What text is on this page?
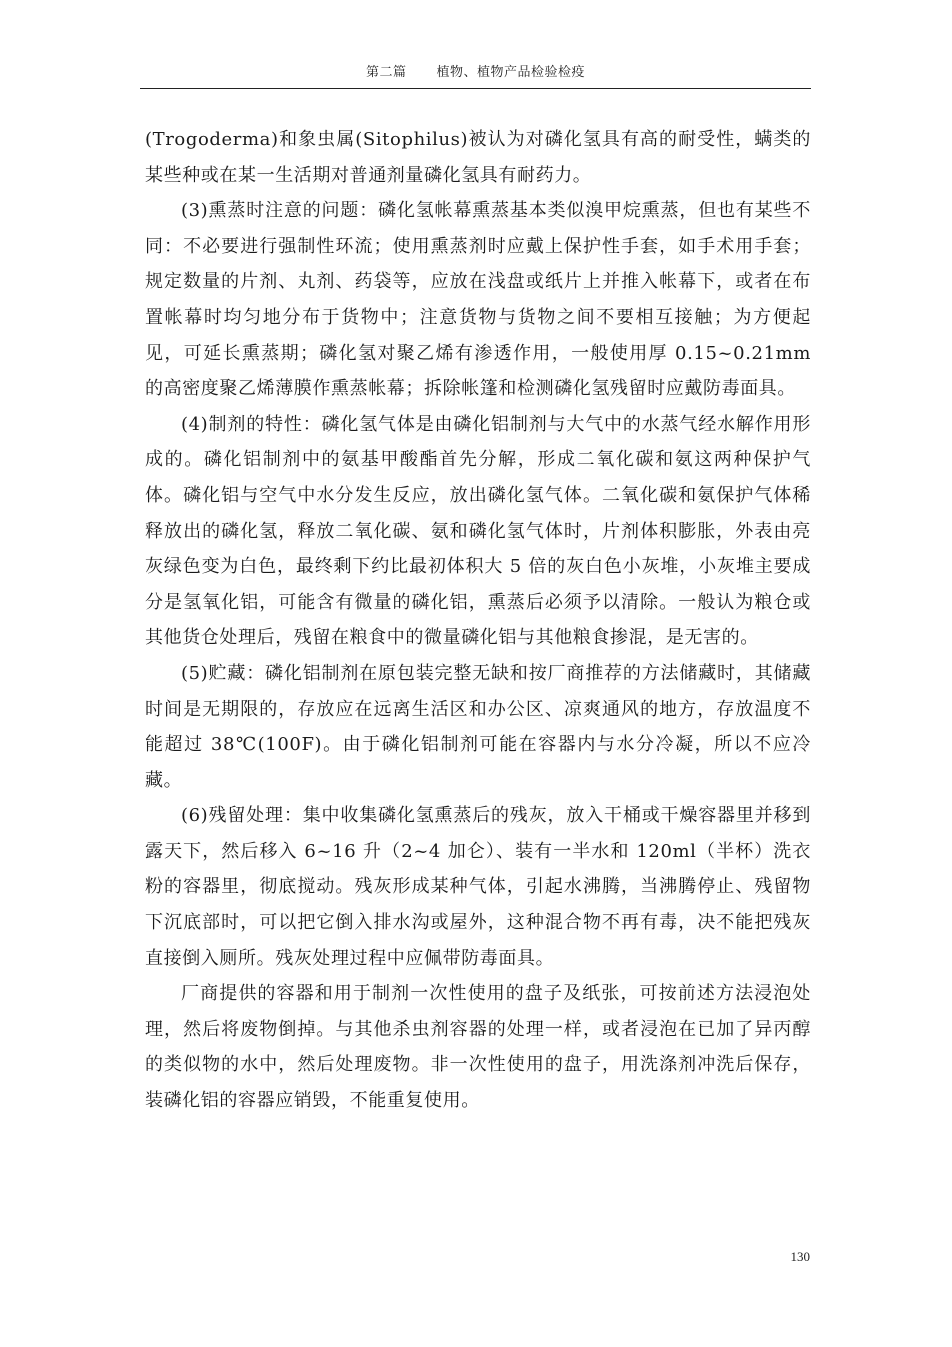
第二篇 植物、植物产品检验检疫

(Trogoderma)和象虫属(Sitophilus)被认为对磷化氢具有高的耐受性，螨类的某些种或在某一生活期对普通剂量磷化氢具有耐药力。

(3)熏蒸时注意的问题：磷化氢帐幕熏蒸基本类似溴甲烷熏蒸，但也有某些不同：不必要进行强制性环流；使用熏蒸剂时应戴上保护性手套，如手术用手套；规定数量的片剂、丸剂、药袋等，应放在浅盘或纸片上并推入帐幕下，或者在布置帐幕时均匀地分布于货物中；注意货物与货物之间不要相互接触；为方便起见，可延长熏蒸期；磷化氢对聚乙烯有渗透作用，一般使用厚 0.15~0.21mm 的高密度聚乙烯薄膜作熏蒸帐幕；拆除帐篷和检测磷化氢残留时应戴防毒面具。

(4)制剂的特性：磷化氢气体是由磷化铝制剂与大气中的水蒸气经水解作用形成的。磷化铝制剂中的氨基甲酸酯首先分解，形成二氧化碳和氨这两种保护气体。磷化铝与空气中水分发生反应，放出磷化氢气体。二氧化碳和氨保护气体稀释放出的磷化氢，释放二氧化碳、氨和磷化氢气体时，片剂体积膨胀，外表由亮灰绿色变为白色，最终剩下约比最初体积大 5 倍的灰白色小灰堆，小灰堆主要成分是氢氧化铝，可能含有微量的磷化铝，熏蒸后必须予以清除。一般认为粮仓或其他货仓处理后，残留在粮食中的微量磷化铝与其他粮食掺混，是无害的。

(5)贮藏：磷化铝制剂在原包装完整无缺和按厂商推荐的方法储藏时，其储藏时间是无期限的，存放应在远离生活区和办公区、凉爽通风的地方，存放温度不能超过 38℃(100F)。由于磷化铝制剂可能在容器内与水分冷凝，所以不应冷藏。

(6)残留处理：集中收集磷化氢熏蒸后的残灰，放入干桶或干燥容器里并移到露天下，然后移入 6~16 升（2~4 加仑）、装有一半水和 120ml（半杯）洗衣粉的容器里，彻底搅动。残灰形成某种气体，引起水沸腾，当沸腾停止、残留物下沉底部时，可以把它倒入排水沟或屋外，这种混合物不再有毒，决不能把残灰直接倒入厕所。残灰处理过程中应佩带防毒面具。

厂商提供的容器和用于制剂一次性使用的盘子及纸张，可按前述方法浸泡处理，然后将废物倒掉。与其他杀虫剂容器的处理一样，或者浸泡在已加了异丙醇的类似物的水中，然后处理废物。非一次性使用的盘子，用洗涤剂冲洗后保存，装磷化铝的容器应销毁，不能重复使用。

130
